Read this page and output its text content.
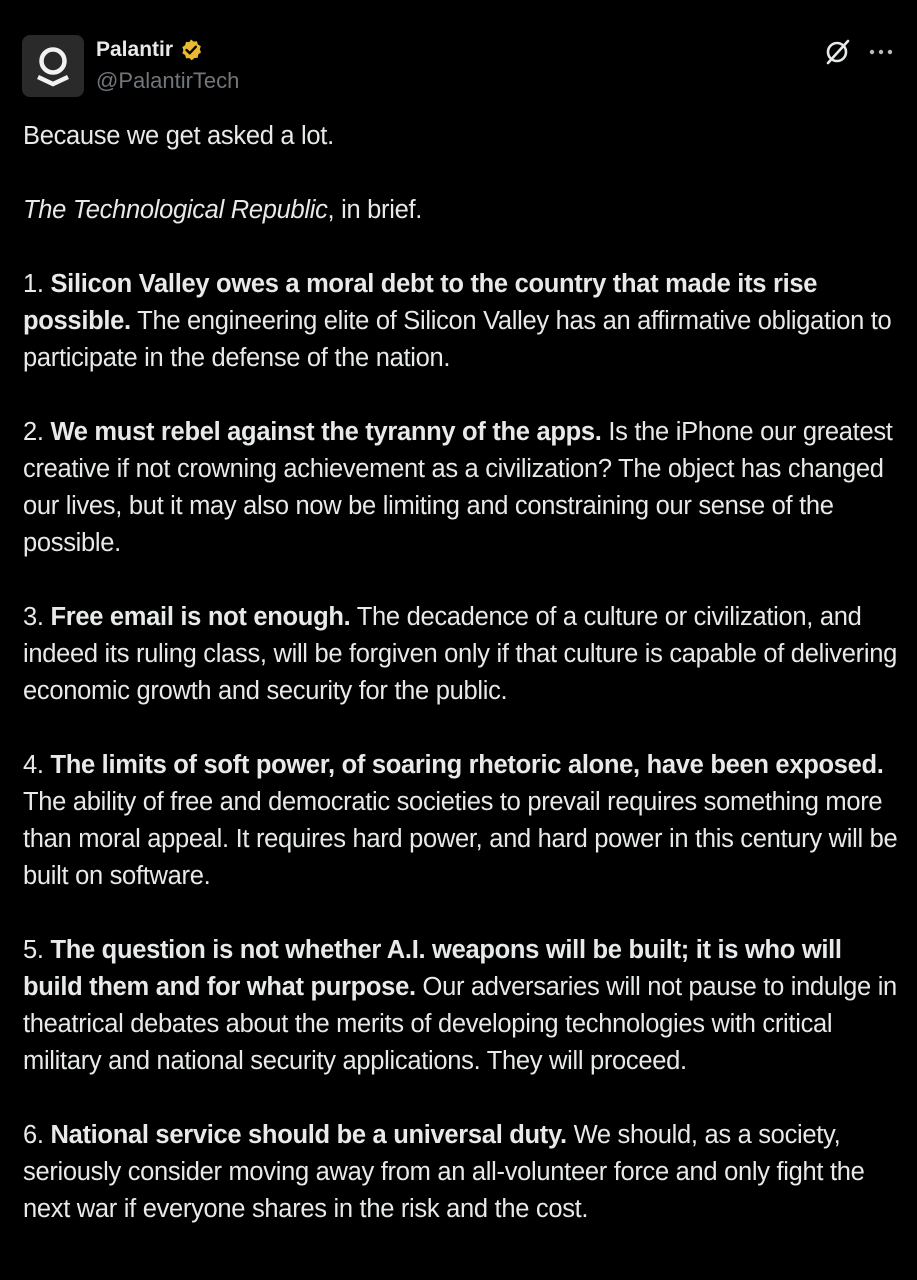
Palantir
@PalantirTech

Because we get asked a lot.

The Technological Republic, in brief.

1. Silicon Valley owes a moral debt to the country that made its rise possible. The engineering elite of Silicon Valley has an affirmative obligation to participate in the defense of the nation.

2. We must rebel against the tyranny of the apps. Is the iPhone our greatest creative if not crowning achievement as a civilization? The object has changed our lives, but it may also now be limiting and constraining our sense of the possible.

3. Free email is not enough. The decadence of a culture or civilization, and indeed its ruling class, will be forgiven only if that culture is capable of delivering economic growth and security for the public.

4. The limits of soft power, of soaring rhetoric alone, have been exposed. The ability of free and democratic societies to prevail requires something more than moral appeal. It requires hard power, and hard power in this century will be built on software.

5. The question is not whether A.I. weapons will be built; it is who will build them and for what purpose. Our adversaries will not pause to indulge in theatrical debates about the merits of developing technologies with critical military and national security applications. They will proceed.

6. National service should be a universal duty. We should, as a society, seriously consider moving away from an all-volunteer force and only fight the next war if everyone shares in the risk and the cost.
